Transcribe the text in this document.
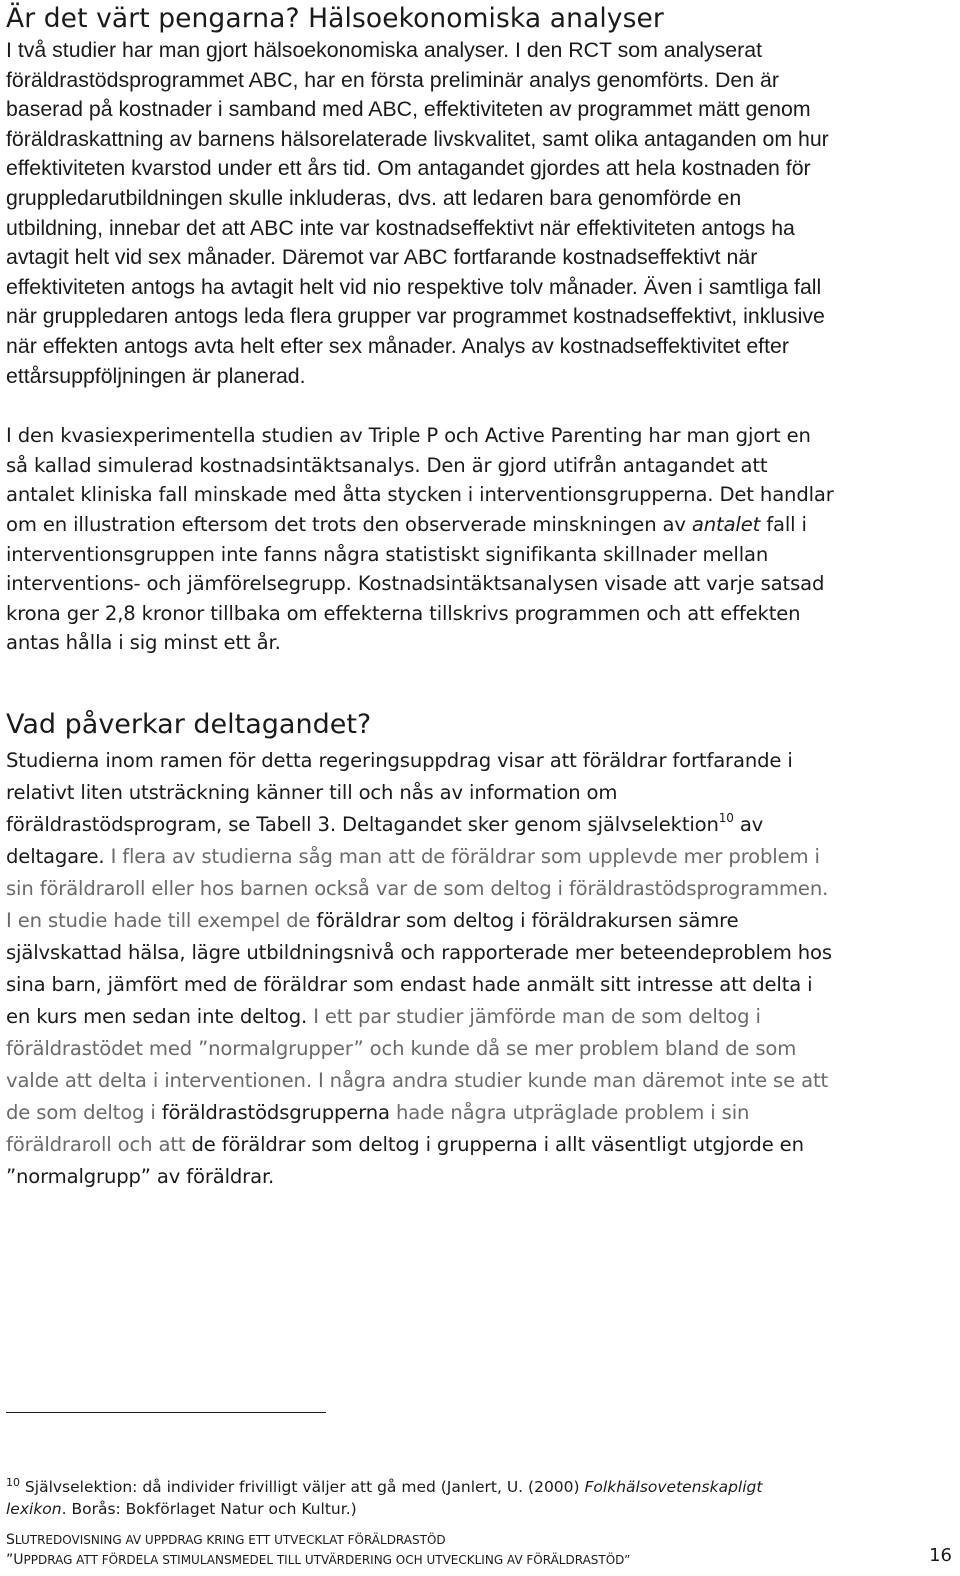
Är det värt pengarna? Hälsoekonomiska analyser

I två studier har man gjort hälsoekonomiska analyser. I den RCT som analyserat föräldrastödsprogrammet ABC, har en första preliminär analys genomförts. Den är baserad på kostnader i samband med ABC, effektiviteten av programmet mätt genom föräldraskattning av barnens hälsorelaterade livskvalitet, samt olika antaganden om hur effektiviteten kvarstod under ett års tid. Om antagandet gjordes att hela kostnaden för gruppledarutbildningen skulle inkluderas, dvs. att ledaren bara genomförde en utbildning, innebar det att ABC inte var kostnadseffektivt när effektiviteten antogs ha avtagit helt vid sex månader. Däremot var ABC fortfarande kostnadseffektivt när effektiviteten antogs ha avtagit helt vid nio respektive tolv månader. Även i samtliga fall när gruppledaren antogs leda flera grupper var programmet kostnadseffektivt, inklusive när effekten antogs avta helt efter sex månader. Analys av kostnadseffektivitet efter ettårsuppföljningen är planerad.

I den kvasiexperimentella studien av Triple P och Active Parenting har man gjort en så kallad simulerad kostnadsintäktsanalys. Den är gjord utifrån antagandet att antalet kliniska fall minskade med åtta stycken i interventionsgrupperna. Det handlar om en illustration eftersom det trots den observerade minskningen av antalet fall i interventionsgruppen inte fanns några statistiskt signifikanta skillnader mellan interventions- och jämförelsegrupp. Kostnadsintäktsanalysen visade att varje satsad krona ger 2,8 kronor tillbaka om effekterna tillskrivs programmen och att effekten antas hålla i sig minst ett år.

Vad påverkar deltagandet?

Studierna inom ramen för detta regeringsuppdrag visar att föräldrar fortfarande i relativt liten utsträckning känner till och nås av information om föräldrastödsprogram, se Tabell 3. Deltagandet sker genom självselektion$^{10}$ av deltagare. I flera av studierna såg man att de föräldrar som upplevde mer problem i sin föräldraroll eller hos barnen också var de som deltog i föräldrastödsprogrammen. I en studie hade till exempel de föräldrar som deltog i föräldrakursen sämre självskattad hälsa, lägre utbildningsnivå och rapporterade mer beteendeproblem hos sina barn, jämfört med de föräldrar som endast hade anmält sitt intresse att delta i en kurs men sedan inte deltog. I ett par studier jämförde man de som deltog i föräldrastödet med ”normalgrupper” och kunde då se mer problem bland de som valde att delta i interventionen. I några andra studier kunde man däremot inte se att de som deltog i föräldrastödsgrupperna hade några utpräglade problem i sin föräldraroll och att de föräldrar som deltog i grupperna i allt väsentligt utgjorde en ”normalgrupp” av föräldrar.

$^{10}$ Självselektion: då individer frivilligt väljer att gå med (Janlert, U. (2000) Folkhälsovetenskapligt lexikon. Borås: Bokförlaget Natur och Kultur.)
SLUTREDOVISNING AV UPPDRAG KRING ETT UTVECKLAT FÖRÄLDRASTÖD
”UPPDRAG ATT FÖRDELA STIMULANSMEDEL TILL UTVÄRDERING OCH UTVECKLING AV FÖRÄLDRASTÖD”	16
